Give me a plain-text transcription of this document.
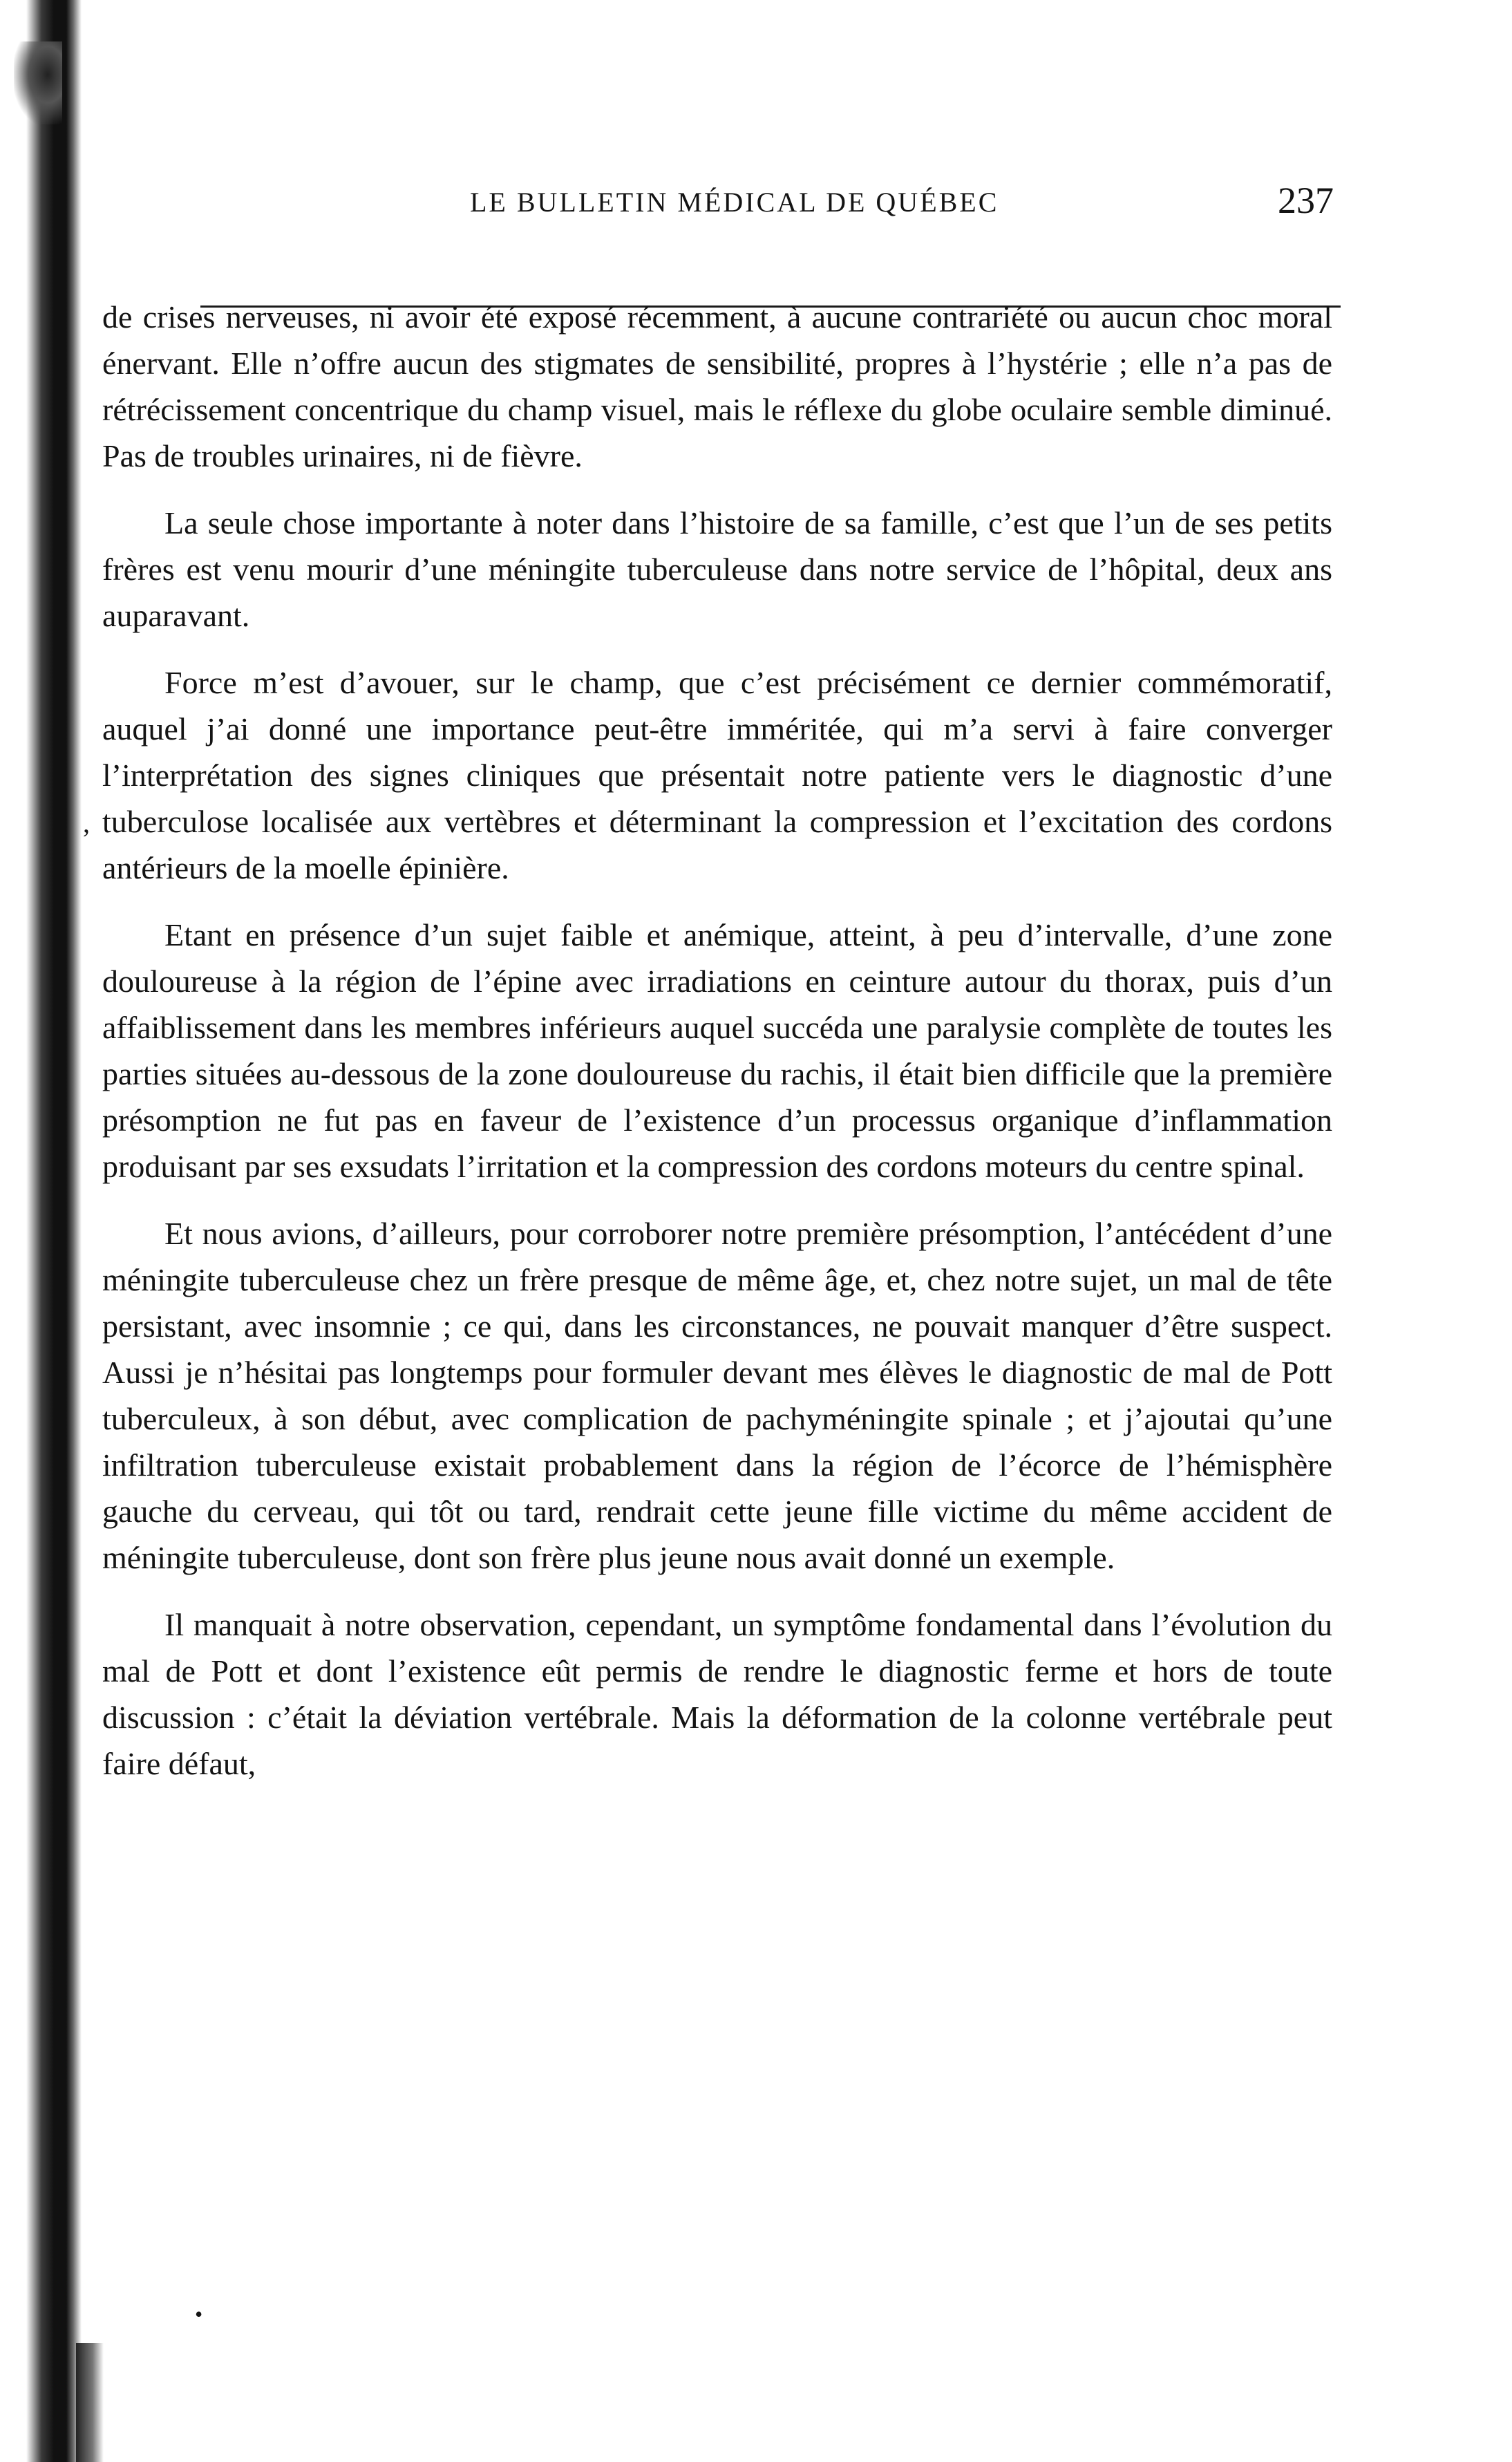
LE BULLETIN MÉDICAL DE QUÉBEC	237
ʼ

de crises nerveuses, ni avoir été exposé récemment, à aucune contrariété ou aucun choc moral énervant. Elle n’offre aucun des stigmates de sensibilité, propres à l’hystérie ; elle n’a pas de rétrécissement concentrique du champ visuel, mais le réflexe du globe oculaire semble diminué. Pas de troubles urinaires, ni de fièvre.

La seule chose importante à noter dans l’histoire de sa famille, c’est que l’un de ses petits frères est venu mourir d’une méningite tuberculeuse dans notre service de l’hôpital, deux ans auparavant.

Force m’est d’avouer, sur le champ, que c’est précisément ce dernier commémoratif, auquel j’ai donné une importance peut-être imméritée, qui m’a servi à faire converger l’interprétation des signes cliniques que présentait notre patiente vers le diagnostic d’une tuberculose localisée aux vertèbres et déterminant la compression et l’excitation des cordons antérieurs de la moelle épinière.

Etant en présence d’un sujet faible et anémique, atteint, à peu d’intervalle, d’une zone douloureuse à la région de l’épine avec irradiations en ceinture autour du thorax, puis d’un affaiblissement dans les membres inférieurs auquel succéda une paralysie complète de toutes les parties situées au-dessous de la zone douloureuse du rachis, il était bien difficile que la première présomption ne fut pas en faveur de l’existence d’un processus organique d’inflammation produisant par ses exsudats l’irritation et la compression des cordons moteurs du centre spinal.

Et nous avions, d’ailleurs, pour corroborer notre première présomption, l’antécédent d’une méningite tuberculeuse chez un frère presque de même âge, et, chez notre sujet, un mal de tête persistant, avec insomnie ; ce qui, dans les circonstances, ne pouvait manquer d’être suspect. Aussi je n’hésitai pas longtemps pour formuler devant mes élèves le diagnostic de mal de Pott tuberculeux, à son début, avec complication de pachyméningite spinale ; et j’ajoutai qu’une infiltration tuberculeuse existait probablement dans la région de l’écorce de l’hémisphère gauche du cerveau, qui tôt ou tard, rendrait cette jeune fille victime du même accident de méningite tuberculeuse, dont son frère plus jeune nous avait donné un exemple.

Il manquait à notre observation, cependant, un symptôme fondamental dans l’évolution du mal de Pott et dont l’existence eût permis de rendre le diagnostic ferme et hors de toute discussion : c’était la déviation vertébrale. Mais la déformation de la colonne vertébrale peut faire défaut,

•
